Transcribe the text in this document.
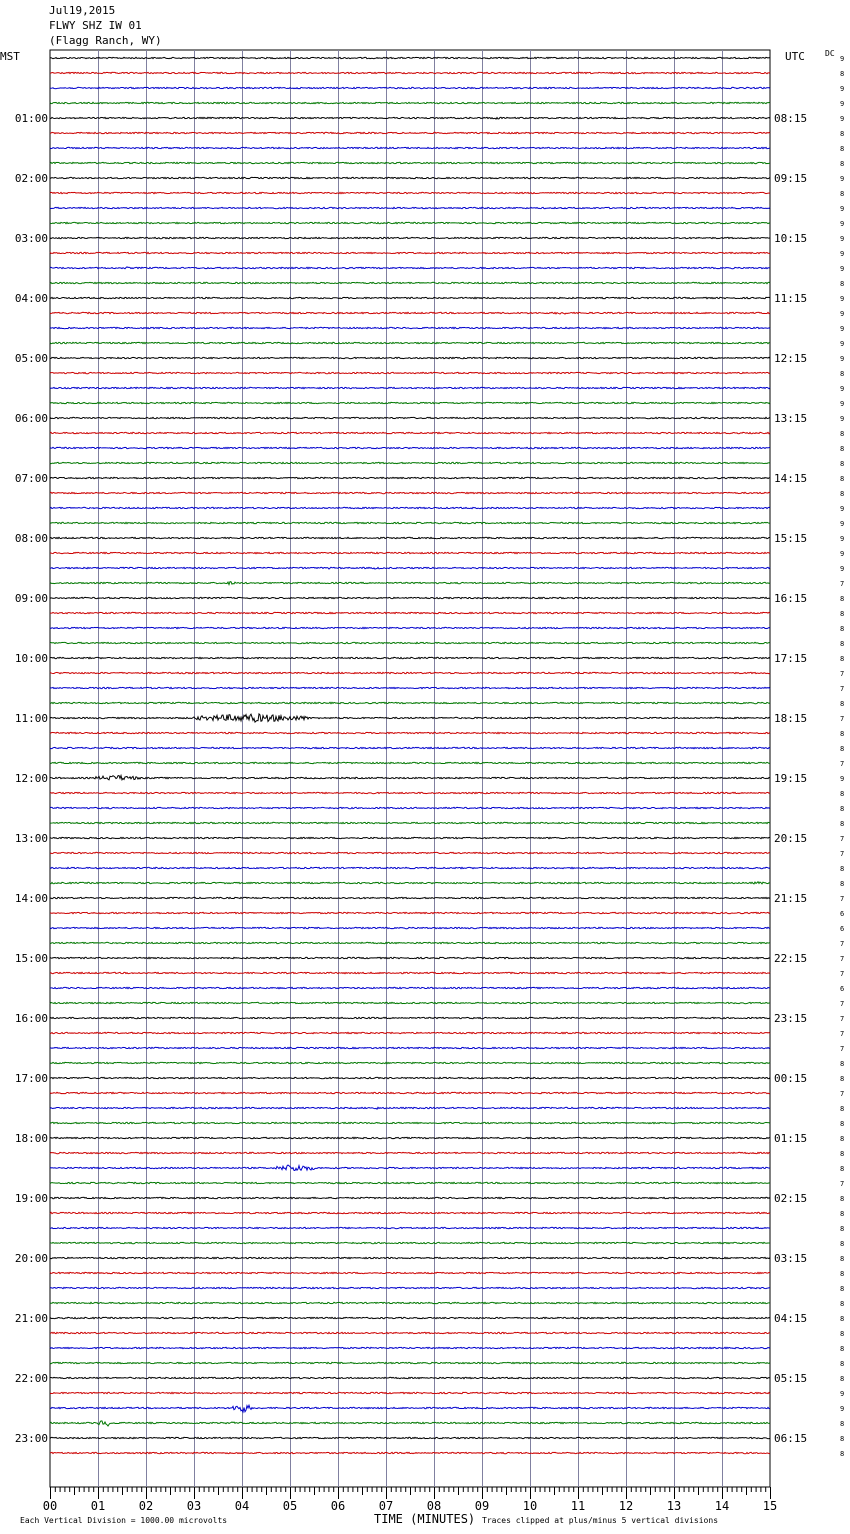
Jul19,2015
FLWY SHZ IW 01
(Flagg Ranch, WY)
MST	UTC	DC
9
8
9
9
9
8
8
8
9
8
9
9
9
9
9
8
9
9
9
9
9
8
9
9
9
8
8
8
8
8
9
9
9
9
9
7
8
8
8
8
8
7
7
8
7
8
8
7
9
8
8
8
7
7
8
8
7
6
6
7
7
7
6
7
7
7
7
8
8
7
8
8
8
8
8
7
8
8
8
8
8
8
8
8
8
8
8
8
8
9
9
8
8
8
01:00	08:15
02:00	09:15
03:00	10:15
04:00	11:15
05:00	12:15
06:00	13:15
07:00	14:15
08:00	15:15
09:00	16:15
10:00	17:15
11:00	18:15
12:00	19:15
13:00	20:15
14:00	21:15
15:00	22:15
16:00	23:15
17:00	00:15
18:00	01:15
19:00	02:15
20:00	03:15
21:00	04:15
22:00	05:15
23:00	06:15
00	01	02	03	04	05	06	07	08	09	10	11	12	13	14	15
Each Vertical Division = 1000.00 microvolts	TIME (MINUTES) Traces clipped at plus/minus 5 vertical divisions
